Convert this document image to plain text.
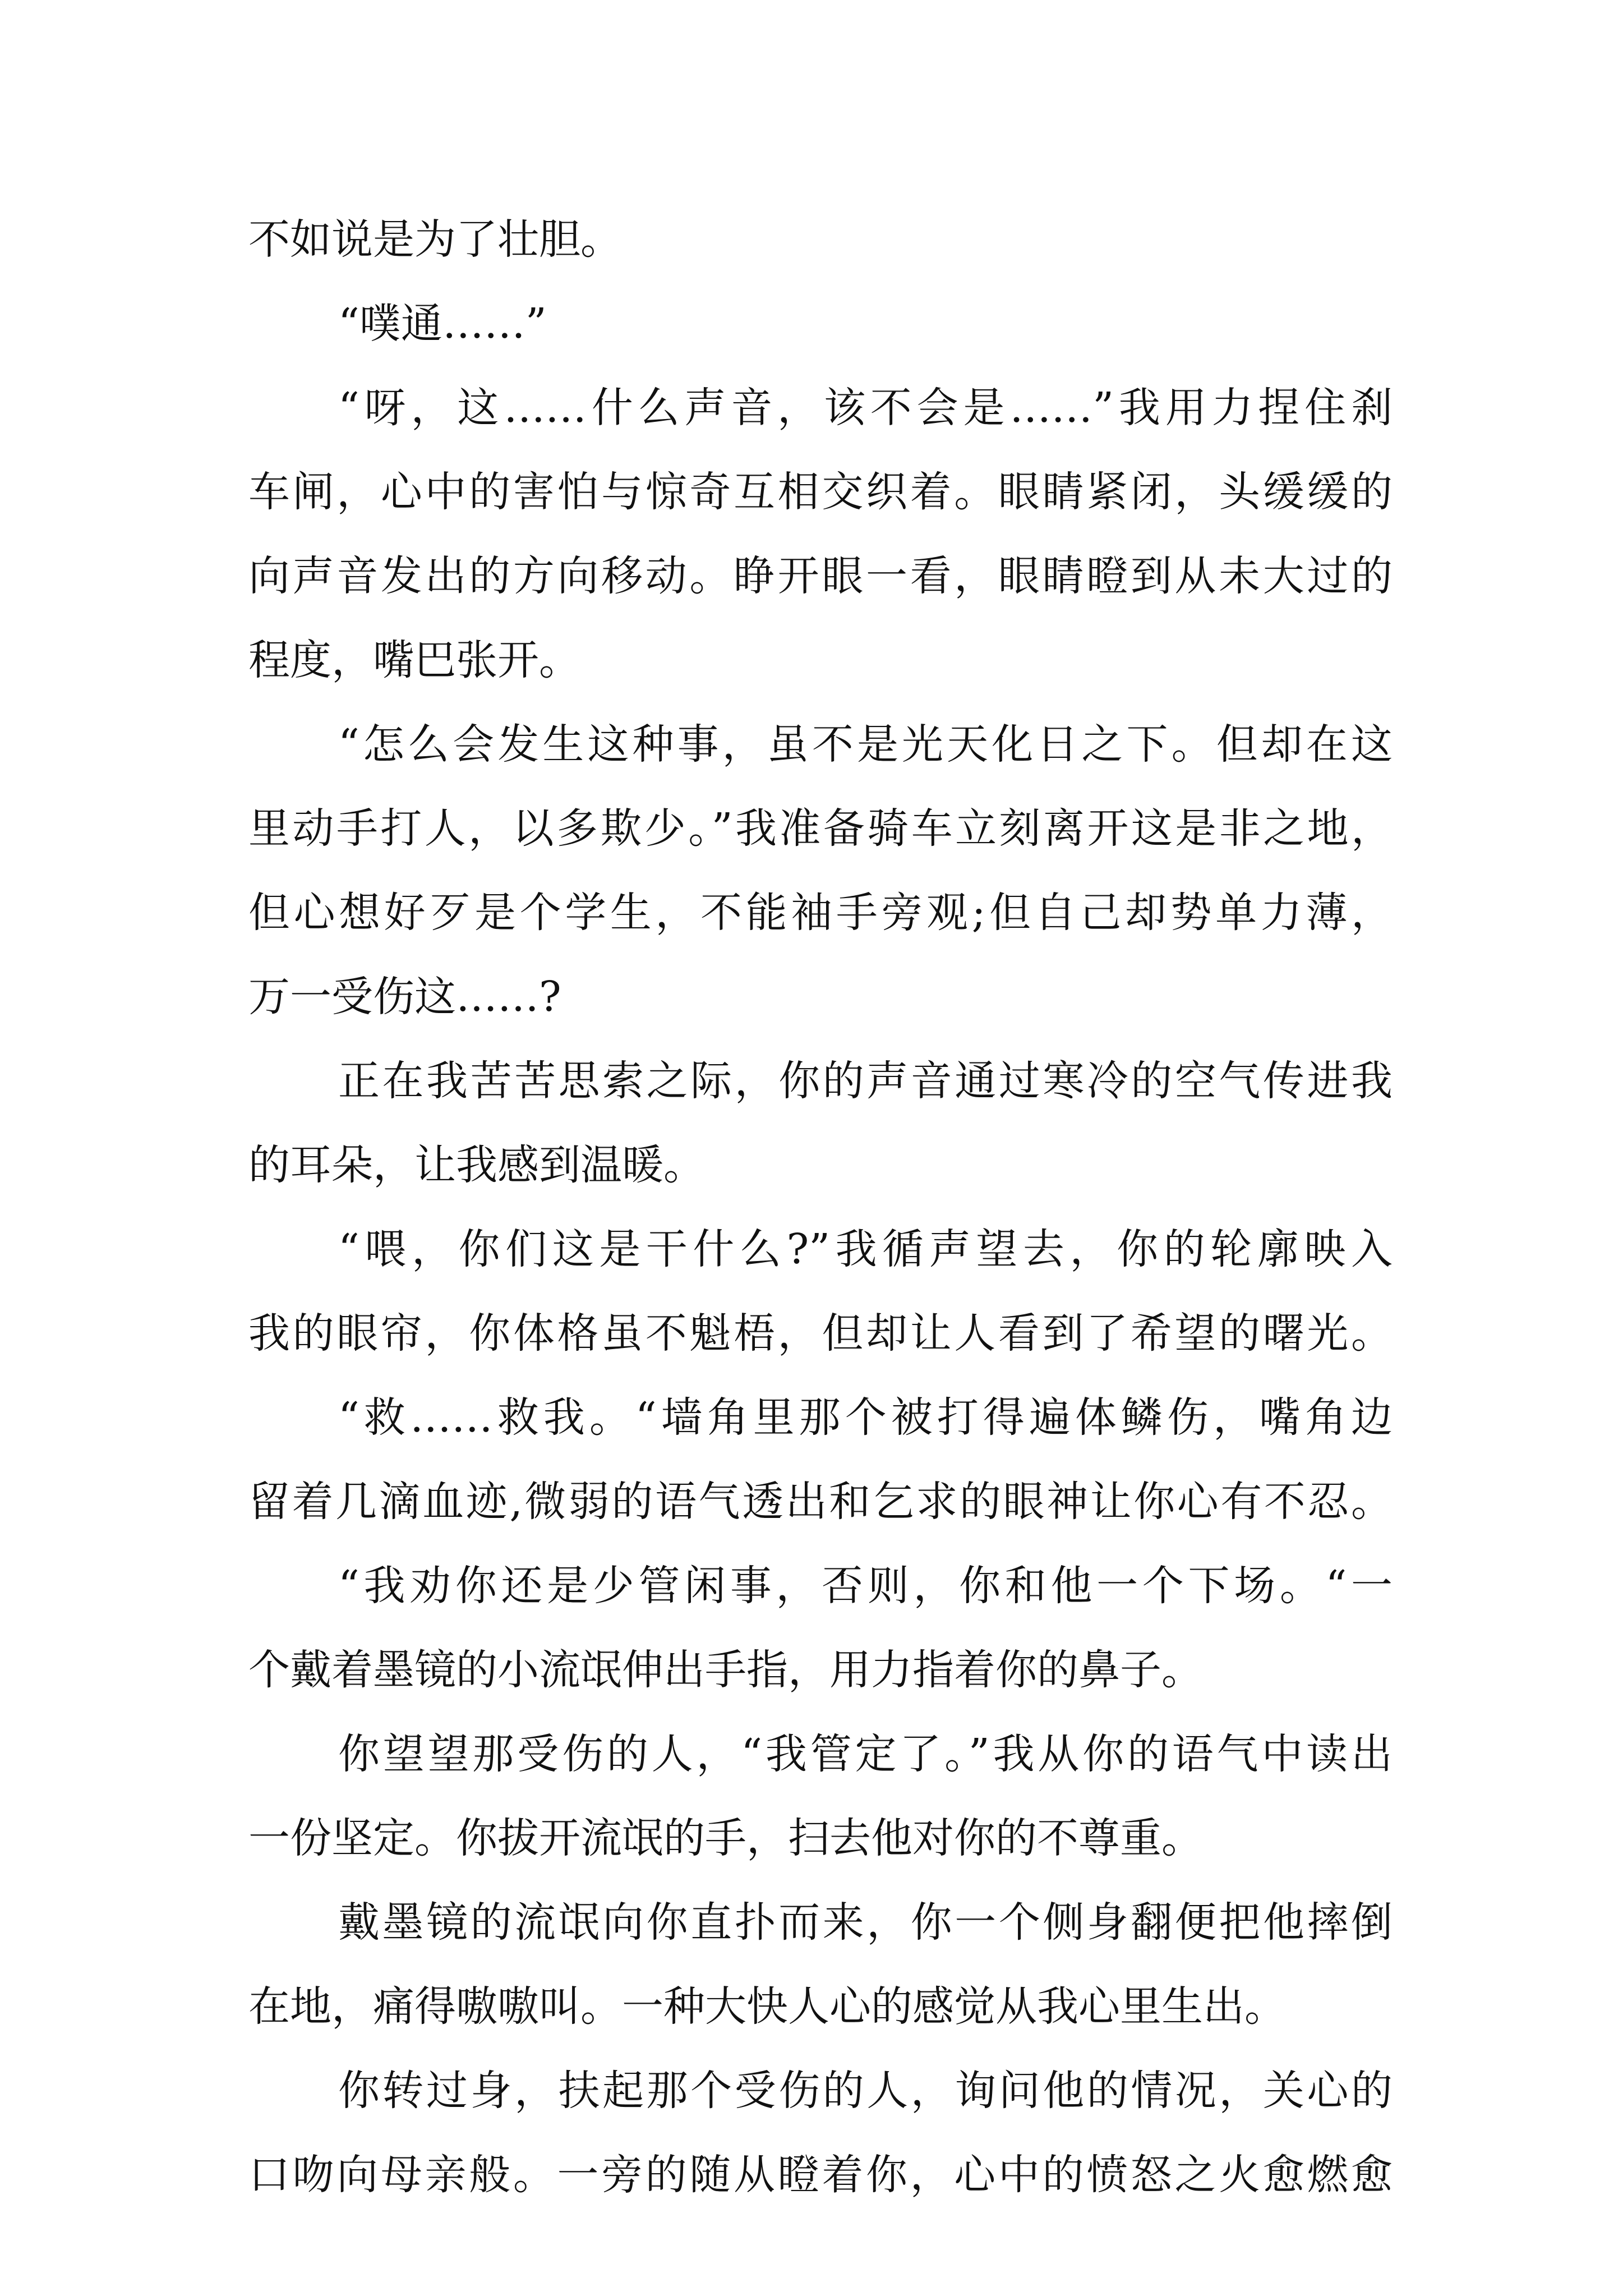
不如说是为了壮胆。
“噗通……”
“呀，这……什么声音，该不会是……”我用力捏住刹
车闸，心中的害怕与惊奇互相交织着。眼睛紧闭，头缓缓的
向声音发出的方向移动。睁开眼一看，眼睛瞪到从未大过的
程度，嘴巴张开。
“怎么会发生这种事，虽不是光天化日之下。但却在这
里动手打人，以多欺少。”我准备骑车立刻离开这是非之地，
但心想好歹是个学生，不能袖手旁观;但自己却势单力薄，
万一受伤这……?
正在我苦苦思索之际，你的声音通过寒冷的空气传进我
的耳朵，让我感到温暖。
“喂，你们这是干什么?”我循声望去，你的轮廓映入
我的眼帘，你体格虽不魁梧，但却让人看到了希望的曙光。
“救……救我。“墙角里那个被打得遍体鳞伤，嘴角边
留着几滴血迹,微弱的语气透出和乞求的眼神让你心有不忍。
“我劝你还是少管闲事，否则，你和他一个下场。“一
个戴着墨镜的小流氓伸出手指，用力指着你的鼻子。
你望望那受伤的人，“我管定了。”我从你的语气中读出
一份坚定。你拔开流氓的手，扫去他对你的不尊重。
戴墨镜的流氓向你直扑而来，你一个侧身翻便把他摔倒
在地，痛得嗷嗷叫。一种大快人心的感觉从我心里生出。
你转过身，扶起那个受伤的人，询问他的情况，关心的
口吻向母亲般。一旁的随从瞪着你，心中的愤怒之火愈燃愈
